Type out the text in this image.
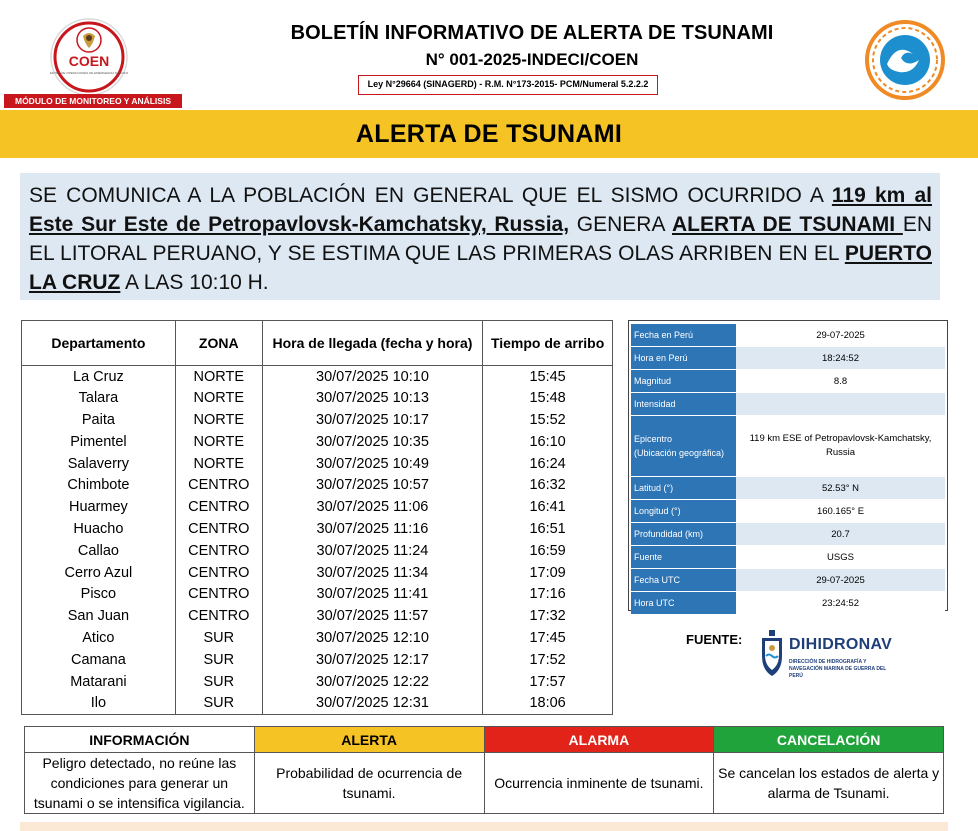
COEN
CENTRO DE OPERACIONES DE EMERGENCIA NACIONAL
MÓDULO DE MONITOREO Y ANÁLISIS
BOLETÍN INFORMATIVO DE ALERTA DE TSUNAMI
N° 001-2025-INDECI/COEN
Ley N°29664 (SINAGERD) - R.M. N°173-2015- PCM/Numeral 5.2.2.2
ALERTA DE TSUNAMI
SE COMUNICA A LA POBLACIÓN EN GENERAL QUE EL SISMO OCURRIDO A 119 km al Este Sur Este de Petropavlovsk-Kamchatsky, Russia, GENERA ALERTA DE TSUNAMI EN EL LITORAL PERUANO, Y SE ESTIMA QUE LAS PRIMERAS OLAS ARRIBEN EN EL PUERTO LA CRUZ A LAS 10:10 H.
Departamento	ZONA	Hora de llegada (fecha y hora)	Tiempo de arribo
La Cruz	NORTE	30/07/2025 10:10	15:45
Talara	NORTE	30/07/2025 10:13	15:48
Paita	NORTE	30/07/2025 10:17	15:52
Pimentel	NORTE	30/07/2025 10:35	16:10
Salaverry	NORTE	30/07/2025 10:49	16:24
Chimbote	CENTRO	30/07/2025 10:57	16:32
Huarmey	CENTRO	30/07/2025 11:06	16:41
Huacho	CENTRO	30/07/2025 11:16	16:51
Callao	CENTRO	30/07/2025 11:24	16:59
Cerro Azul	CENTRO	30/07/2025 11:34	17:09
Pisco	CENTRO	30/07/2025 11:41	17:16
San Juan	CENTRO	30/07/2025 11:57	17:32
Atico	SUR	30/07/2025 12:10	17:45
Camana	SUR	30/07/2025 12:17	17:52
Matarani	SUR	30/07/2025 12:22	17:57
Ilo	SUR	30/07/2025 12:31	18:06
Fecha en Perú	29-07-2025
Hora en Perú	18:24:52
Magnitud	8.8
Intensidad	
Epicentro
(Ubicación geográfica)	119 km ESE of Petropavlovsk-Kamchatsky, Russia
Latitud (°)	52.53° N
Longitud (°)	160.165° E
Profundidad (km)	20.7
Fuente	USGS
Fecha UTC	29-07-2025
Hora UTC	23:24:52
FUENTE:	DIHIDRONAV
DIRECCIÓN DE HIDROGRAFÍA Y NAVEGACIÓN MARINA DE GUERRA DEL PERÚ
INFORMACIÓN	ALERTA	ALARMA	CANCELACIÓN
Peligro detectado, no reúne las condiciones para generar un tsunami o se intensifica vigilancia.	Probabilidad de ocurrencia de tsunami.	Ocurrencia inminente de tsunami.	Se cancelan los estados de alerta y alarma de Tsunami.
